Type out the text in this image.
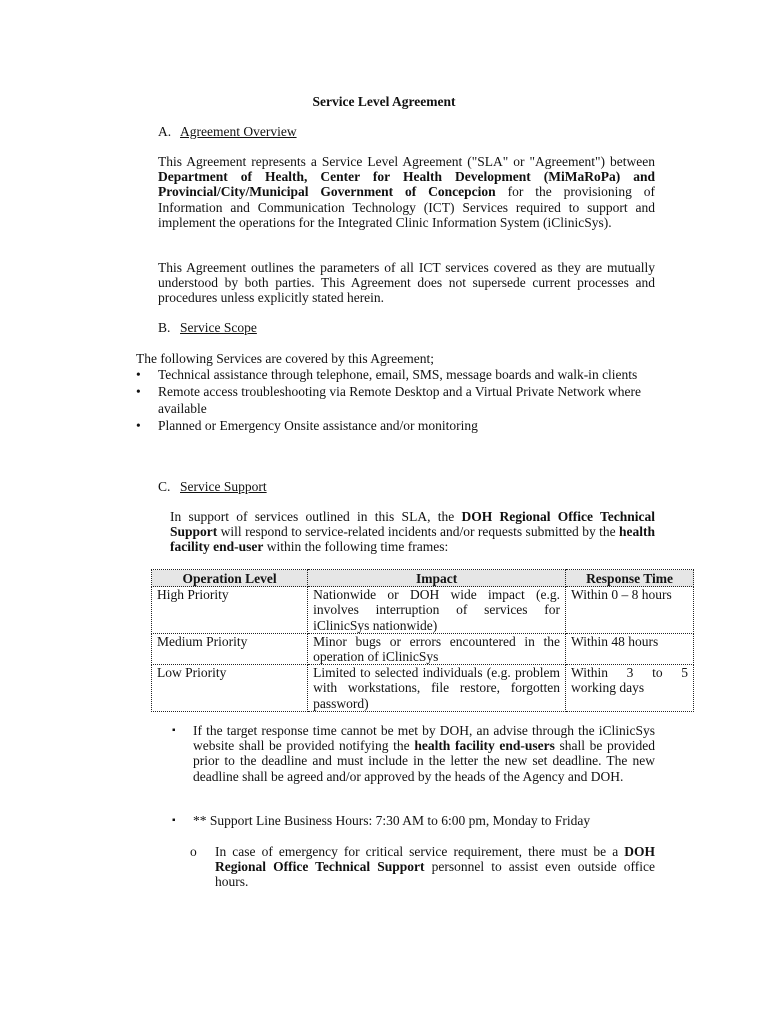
Service Level Agreement
A. Agreement Overview
This Agreement represents a Service Level Agreement ("SLA" or "Agreement") between Department of Health, Center for Health Development (MiMaRoPa) and Provincial/City/Municipal Government of Concepcion for the provisioning of Information and Communication Technology (ICT) Services required to support and implement the operations for the Integrated Clinic Information System (iClinicSys).
This Agreement outlines the parameters of all ICT services covered as they are mutually understood by both parties. This Agreement does not supersede current processes and procedures unless explicitly stated herein.
B. Service Scope
The following Services are covered by this Agreement;
• Technical assistance through telephone, email, SMS, message boards and walk-in clients
• Remote access troubleshooting via Remote Desktop and a Virtual Private Network where available
• Planned or Emergency Onsite assistance and/or monitoring
C. Service Support
In support of services outlined in this SLA, the DOH Regional Office Technical Support will respond to service-related incidents and/or requests submitted by the health facility end-user within the following time frames:
Operation Level	Impact	Response Time
High Priority	Nationwide or DOH wide impact (e.g. involves interruption of services for iClinicSys nationwide)	Within 0 – 8 hours
Medium Priority	Minor bugs or errors encountered in the operation of iClinicSys	Within 48 hours
Low Priority	Limited to selected individuals (e.g. problem with workstations, file restore, forgotten password)	Within 3 to 5 working days
▪ If the target response time cannot be met by DOH, an advise through the iClinicSys website shall be provided notifying the health facility end-users shall be provided prior to the deadline and must include in the letter the new set deadline. The new deadline shall be agreed and/or approved by the heads of the Agency and DOH.
▪ ** Support Line Business Hours: 7:30 AM to 6:00 pm, Monday to Friday
o In case of emergency for critical service requirement, there must be a DOH Regional Office Technical Support personnel to assist even outside office hours.
